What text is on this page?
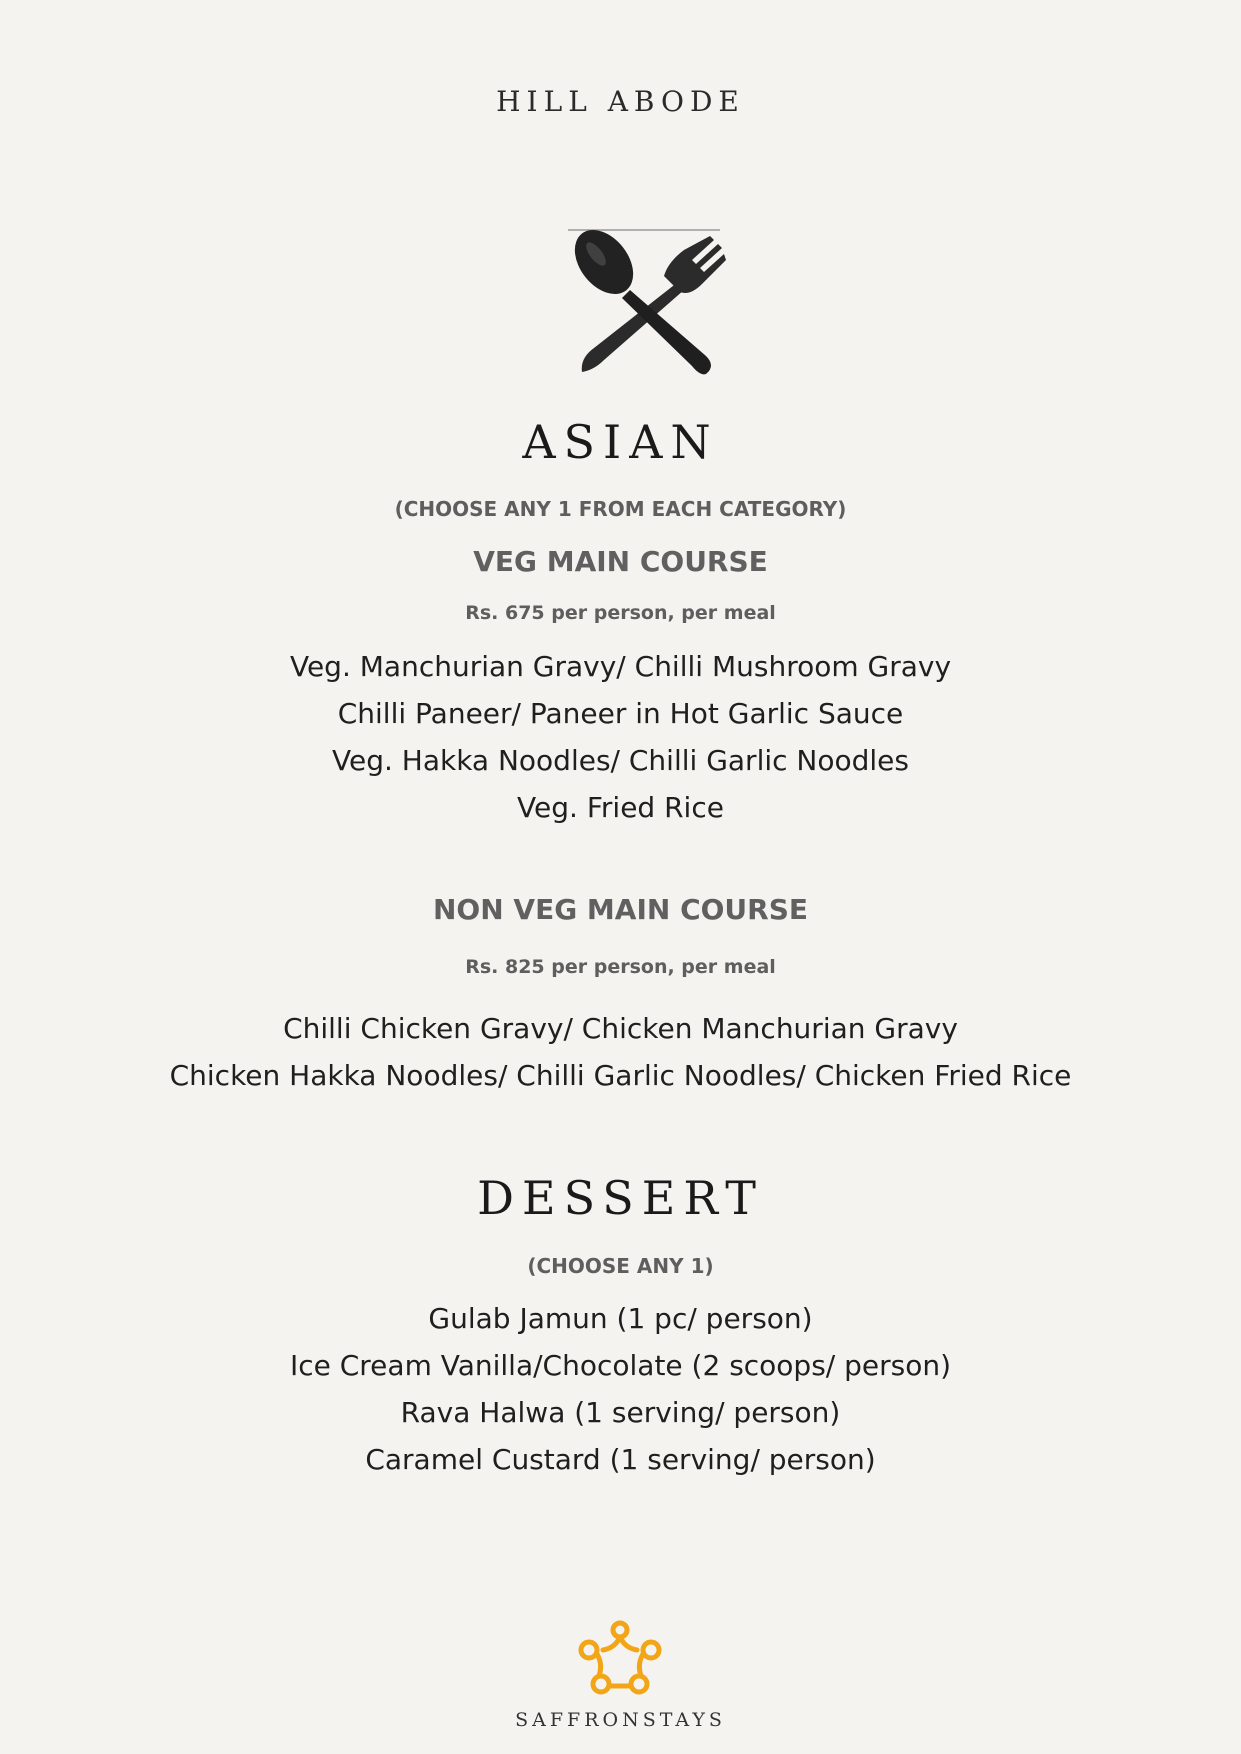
HILL ABODE
ASIAN
(CHOOSE ANY 1 FROM EACH CATEGORY)
VEG MAIN COURSE
Rs. 675 per person, per meal
Veg. Manchurian Gravy/ Chilli Mushroom Gravy
Chilli Paneer/ Paneer in Hot Garlic Sauce
Veg. Hakka Noodles/ Chilli Garlic Noodles
Veg. Fried Rice
NON VEG MAIN COURSE
Rs. 825 per person, per meal
Chilli Chicken Gravy/ Chicken Manchurian Gravy
Chicken Hakka Noodles/ Chilli Garlic Noodles/ Chicken Fried Rice
DESSERT
(CHOOSE ANY 1)
Gulab Jamun (1 pc/ person)
Ice Cream Vanilla/Chocolate (2 scoops/ person)
Rava Halwa (1 serving/ person)
Caramel Custard (1 serving/ person)
SAFFRONSTAYS
